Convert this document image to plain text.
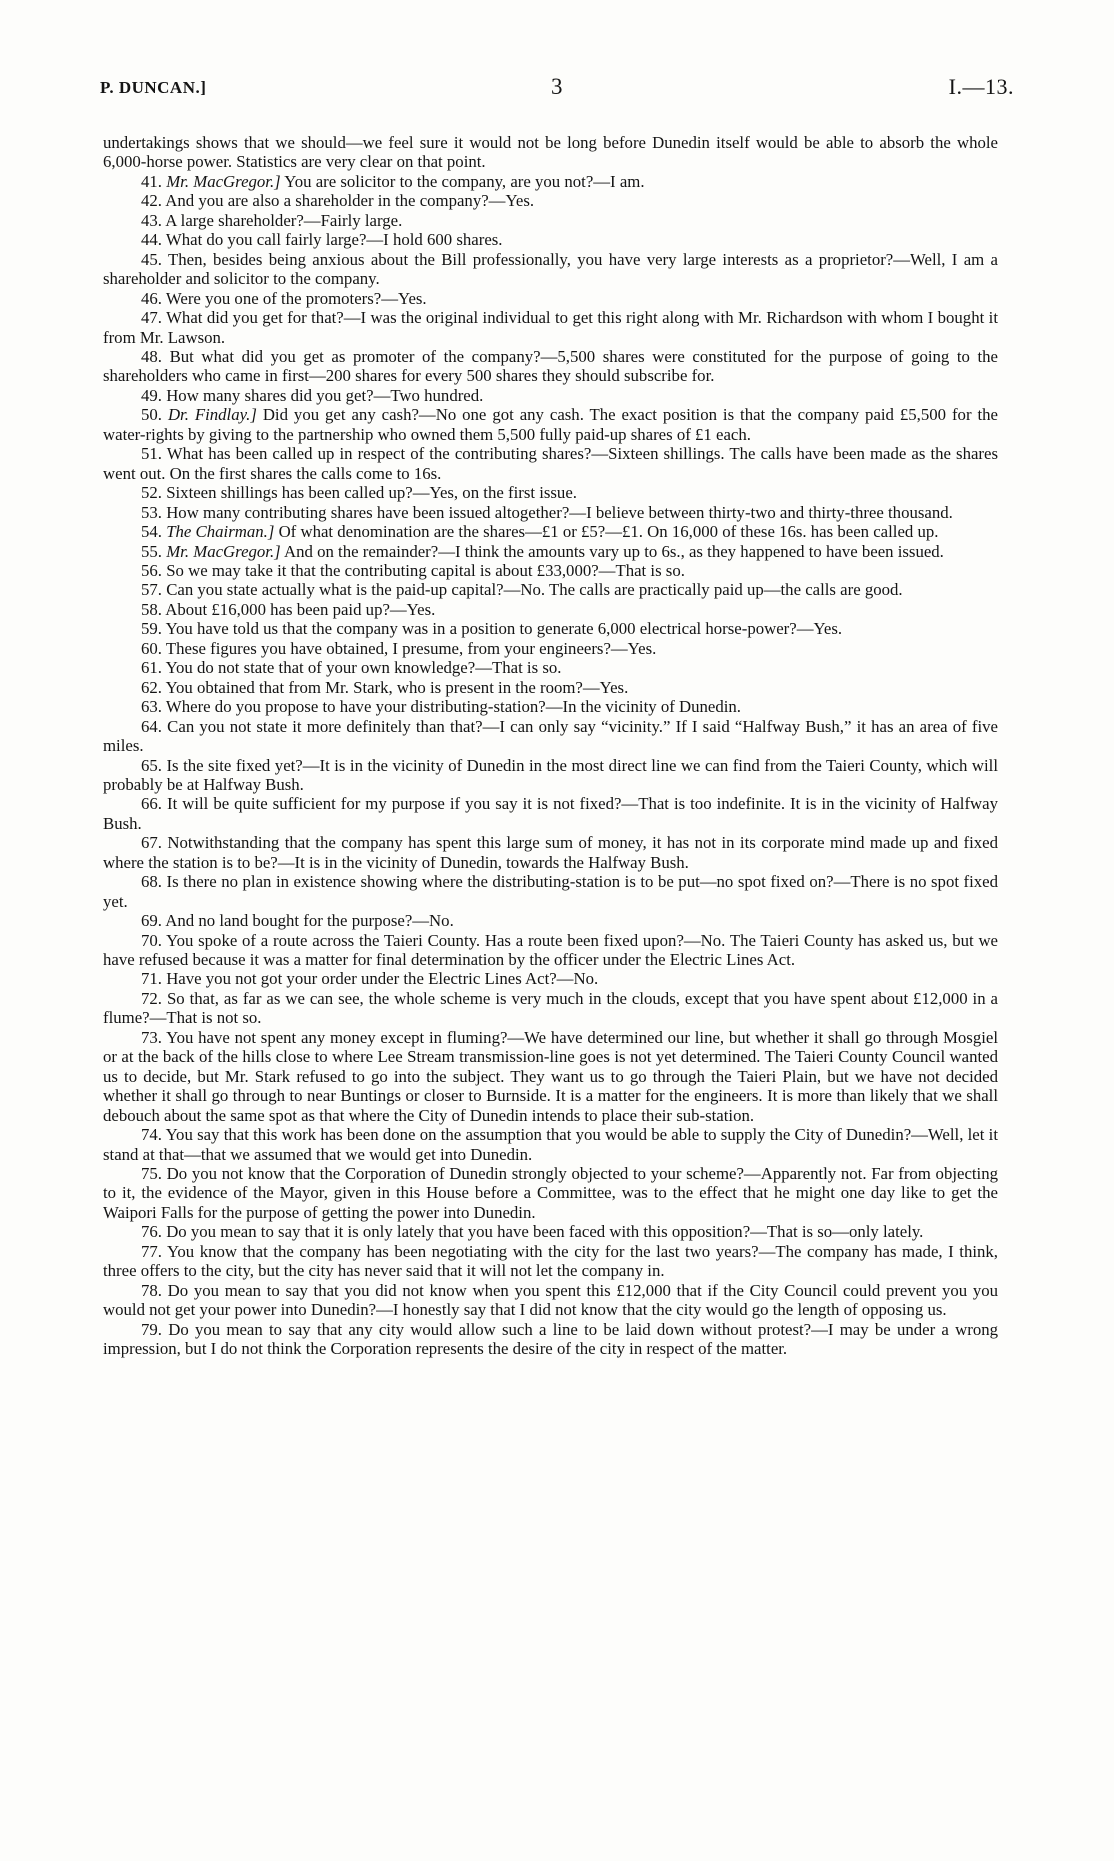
P. DUNCAN.]	3	I.—13.

undertakings shows that we should—we feel sure it would not be long before Dunedin itself would be able to absorb the whole 6,000-horse power. Statistics are very clear on that point.

41. Mr. MacGregor.] You are solicitor to the company, are you not?—I am.

42. And you are also a shareholder in the company?—Yes.

43. A large shareholder?—Fairly large.

44. What do you call fairly large?—I hold 600 shares.

45. Then, besides being anxious about the Bill professionally, you have very large interests as a proprietor?—Well, I am a shareholder and solicitor to the company.

46. Were you one of the promoters?—Yes.

47. What did you get for that?—I was the original individual to get this right along with Mr. Richardson with whom I bought it from Mr. Lawson.

48. But what did you get as promoter of the company?—5,500 shares were constituted for the purpose of going to the shareholders who came in first—200 shares for every 500 shares they should subscribe for.

49. How many shares did you get?—Two hundred.

50. Dr. Findlay.] Did you get any cash?—No one got any cash. The exact position is that the company paid £5,500 for the water-rights by giving to the partnership who owned them 5,500 fully paid-up shares of £1 each.

51. What has been called up in respect of the contributing shares?—Sixteen shillings. The calls have been made as the shares went out. On the first shares the calls come to 16s.

52. Sixteen shillings has been called up?—Yes, on the first issue.

53. How many contributing shares have been issued altogether?—I believe between thirty-two and thirty-three thousand.

54. The Chairman.] Of what denomination are the shares—£1 or £5?—£1. On 16,000 of these 16s. has been called up.

55. Mr. MacGregor.] And on the remainder?—I think the amounts vary up to 6s., as they happened to have been issued.

56. So we may take it that the contributing capital is about £33,000?—That is so.

57. Can you state actually what is the paid-up capital?—No. The calls are practically paid up—the calls are good.

58. About £16,000 has been paid up?—Yes.

59. You have told us that the company was in a position to generate 6,000 electrical horse-power?—Yes.

60. These figures you have obtained, I presume, from your engineers?—Yes.

61. You do not state that of your own knowledge?—That is so.

62. You obtained that from Mr. Stark, who is present in the room?—Yes.

63. Where do you propose to have your distributing-station?—In the vicinity of Dunedin.

64. Can you not state it more definitely than that?—I can only say “vicinity.” If I said “Halfway Bush,” it has an area of five miles.

65. Is the site fixed yet?—It is in the vicinity of Dunedin in the most direct line we can find from the Taieri County, which will probably be at Halfway Bush.

66. It will be quite sufficient for my purpose if you say it is not fixed?—That is too indefinite. It is in the vicinity of Halfway Bush.

67. Notwithstanding that the company has spent this large sum of money, it has not in its corporate mind made up and fixed where the station is to be?—It is in the vicinity of Dunedin, towards the Halfway Bush.

68. Is there no plan in existence showing where the distributing-station is to be put—no spot fixed on?—There is no spot fixed yet.

69. And no land bought for the purpose?—No.

70. You spoke of a route across the Taieri County. Has a route been fixed upon?—No. The Taieri County has asked us, but we have refused because it was a matter for final determination by the officer under the Electric Lines Act.

71. Have you not got your order under the Electric Lines Act?—No.

72. So that, as far as we can see, the whole scheme is very much in the clouds, except that you have spent about £12,000 in a flume?—That is not so.

73. You have not spent any money except in fluming?—We have determined our line, but whether it shall go through Mosgiel or at the back of the hills close to where Lee Stream transmission-line goes is not yet determined. The Taieri County Council wanted us to decide, but Mr. Stark refused to go into the subject. They want us to go through the Taieri Plain, but we have not decided whether it shall go through to near Buntings or closer to Burnside. It is a matter for the engineers. It is more than likely that we shall debouch about the same spot as that where the City of Dunedin intends to place their sub-station.

74. You say that this work has been done on the assumption that you would be able to supply the City of Dunedin?—Well, let it stand at that—that we assumed that we would get into Dunedin.

75. Do you not know that the Corporation of Dunedin strongly objected to your scheme?—Apparently not. Far from objecting to it, the evidence of the Mayor, given in this House before a Committee, was to the effect that he might one day like to get the Waipori Falls for the purpose of getting the power into Dunedin.

76. Do you mean to say that it is only lately that you have been faced with this opposition?—That is so—only lately.

77. You know that the company has been negotiating with the city for the last two years?—The company has made, I think, three offers to the city, but the city has never said that it will not let the company in.

78. Do you mean to say that you did not know when you spent this £12,000 that if the City Council could prevent you you would not get your power into Dunedin?—I honestly say that I did not know that the city would go the length of opposing us.

79. Do you mean to say that any city would allow such a line to be laid down without protest?—I may be under a wrong impression, but I do not think the Corporation represents the desire of the city in respect of the matter.
